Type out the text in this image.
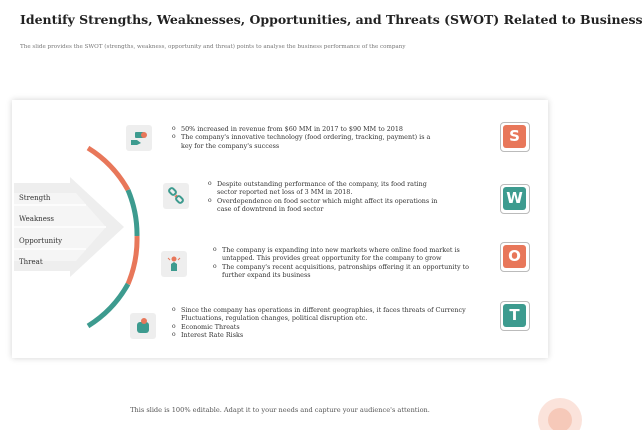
Identify Strengths, Weaknesses, Opportunities, and Threats (SWOT) Related to Business
The slide provides the SWOT (strengths, weakness, opportunity and threat) points to analyse the business performance of the company
Strength
Weakness
Opportunity
Threat
o 50% increased in revenue from $60 MM in 2017 to $90 MM to 2018
o The company's innovative technology (food ordering, tracking, payment) is a key for the company's success
o Despite outstanding performance of the company, its food rating sector reported net loss of 3 MM in 2018.
o Overdependence on food sector which might affect its operations in case of downtrend in food sector
o The company is expanding into new markets where online food market is untapped. This provides great opportunity for the company to grow
o The company's recent acquisitions, patronships offering it an opportunity to further expand its business
o Since the company has operations in different geographies, it faces threats of Currency Fluctuations, regulation changes, political disruption etc.
o Economic Threats
o Interest Rate Risks
S
W
O
T
This slide is 100% editable. Adapt it to your needs and capture your audience's attention.
